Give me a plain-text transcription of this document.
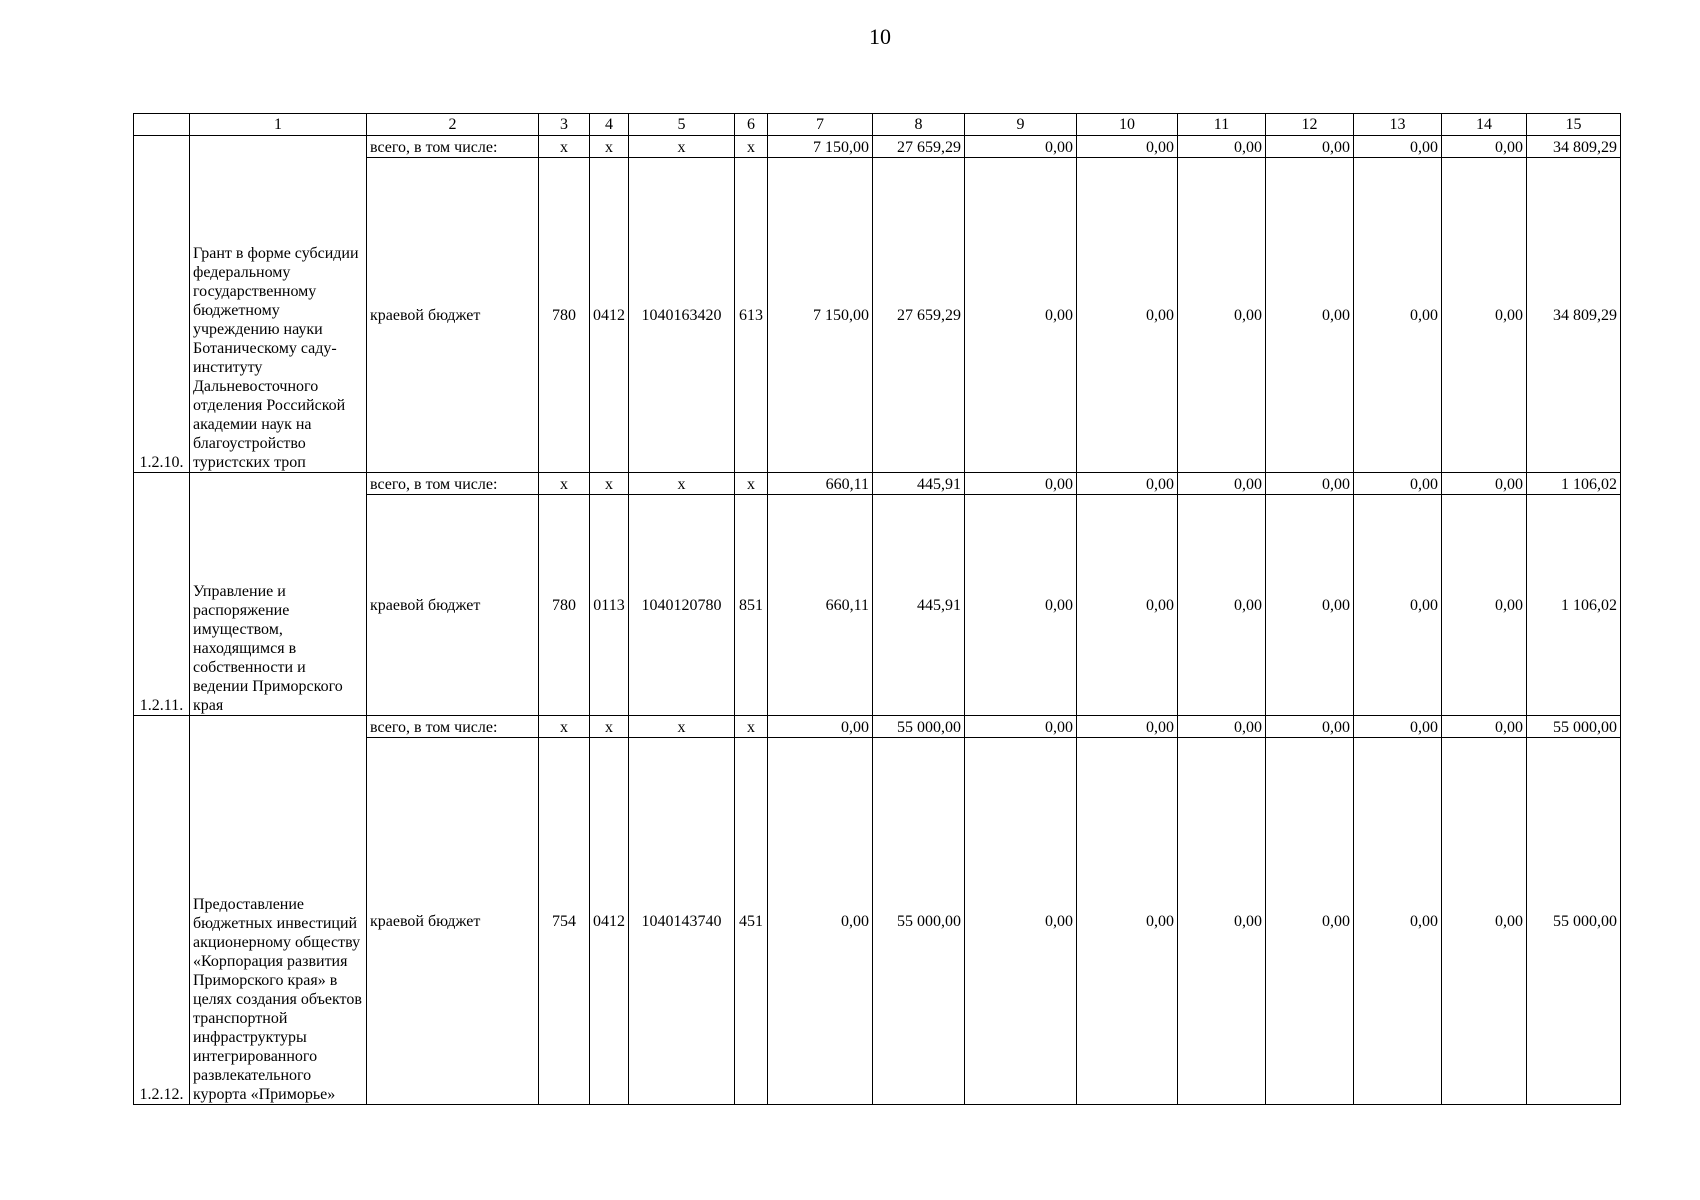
10
	1	2	3	4	5	6	7	8	9	10	11	12	13	14	15
1.2.10.	Грант в форме субсидии федеральному государственному бюджетному учреждению науки Ботаническому саду-институту Дальневосточного отделения Российской академии наук на благоустройство туристских троп	всего, в том числе:	х	х	х	х	7 150,00	27 659,29	0,00	0,00	0,00	0,00	0,00	0,00	34 809,29
		краевой бюджет	780	0412	1040163420	613	7 150,00	27 659,29	0,00	0,00	0,00	0,00	0,00	0,00	34 809,29
1.2.11.	Управление и распоряжение имуществом, находящимся в собственности и ведении Приморского края	всего, в том числе:	х	х	х	х	660,11	445,91	0,00	0,00	0,00	0,00	0,00	0,00	1 106,02
		краевой бюджет	780	0113	1040120780	851	660,11	445,91	0,00	0,00	0,00	0,00	0,00	0,00	1 106,02
1.2.12.	Предоставление бюджетных инвестиций акционерному обществу «Корпорация развития Приморского края» в целях создания объектов транспортной инфраструктуры интегрированного развлекательного курорта «Приморье»	всего, в том числе:	х	х	х	х	0,00	55 000,00	0,00	0,00	0,00	0,00	0,00	0,00	55 000,00
		краевой бюджет	754	0412	1040143740	451	0,00	55 000,00	0,00	0,00	0,00	0,00	0,00	0,00	55 000,00
